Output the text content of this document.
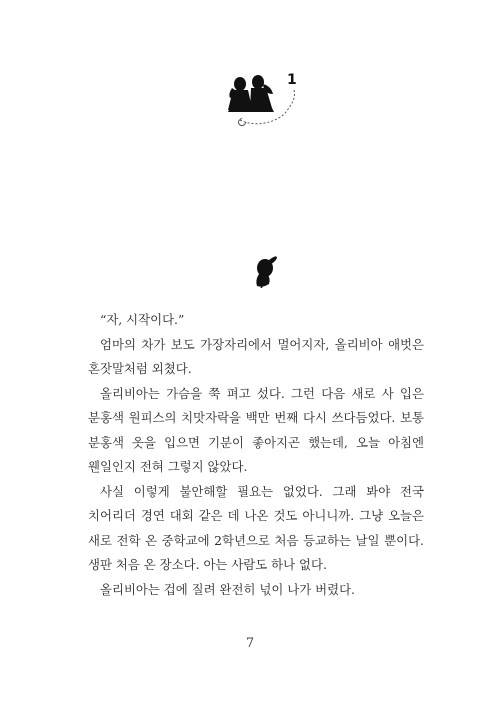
1

“자, 시작이다.”

엄마의 차가 보도 가장자리에서 멀어지자, 올리비아 애벗은 혼잣말처럼 외쳤다.

올리비아는 가슴을 쭉 펴고 섰다. 그런 다음 새로 사 입은 분홍색 원피스의 치맛자락을 백만 번째 다시 쓰다듬었다. 보통 분홍색 옷을 입으면 기분이 좋아지곤 했는데, 오늘 아침엔 웬일인지 전혀 그렇지 않았다.

사실 이렇게 불안해할 필요는 없었다. 그래 봐야 전국 치어리더 경연 대회 같은 데 나온 것도 아니니까. 그냥 오늘은 새로 전학 온 중학교에 2학년으로 처음 등교하는 날일 뿐이다. 생판 처음 온 장소다. 아는 사람도 하나 없다.

올리비아는 겁에 질려 완전히 넋이 나가 버렸다.

7
